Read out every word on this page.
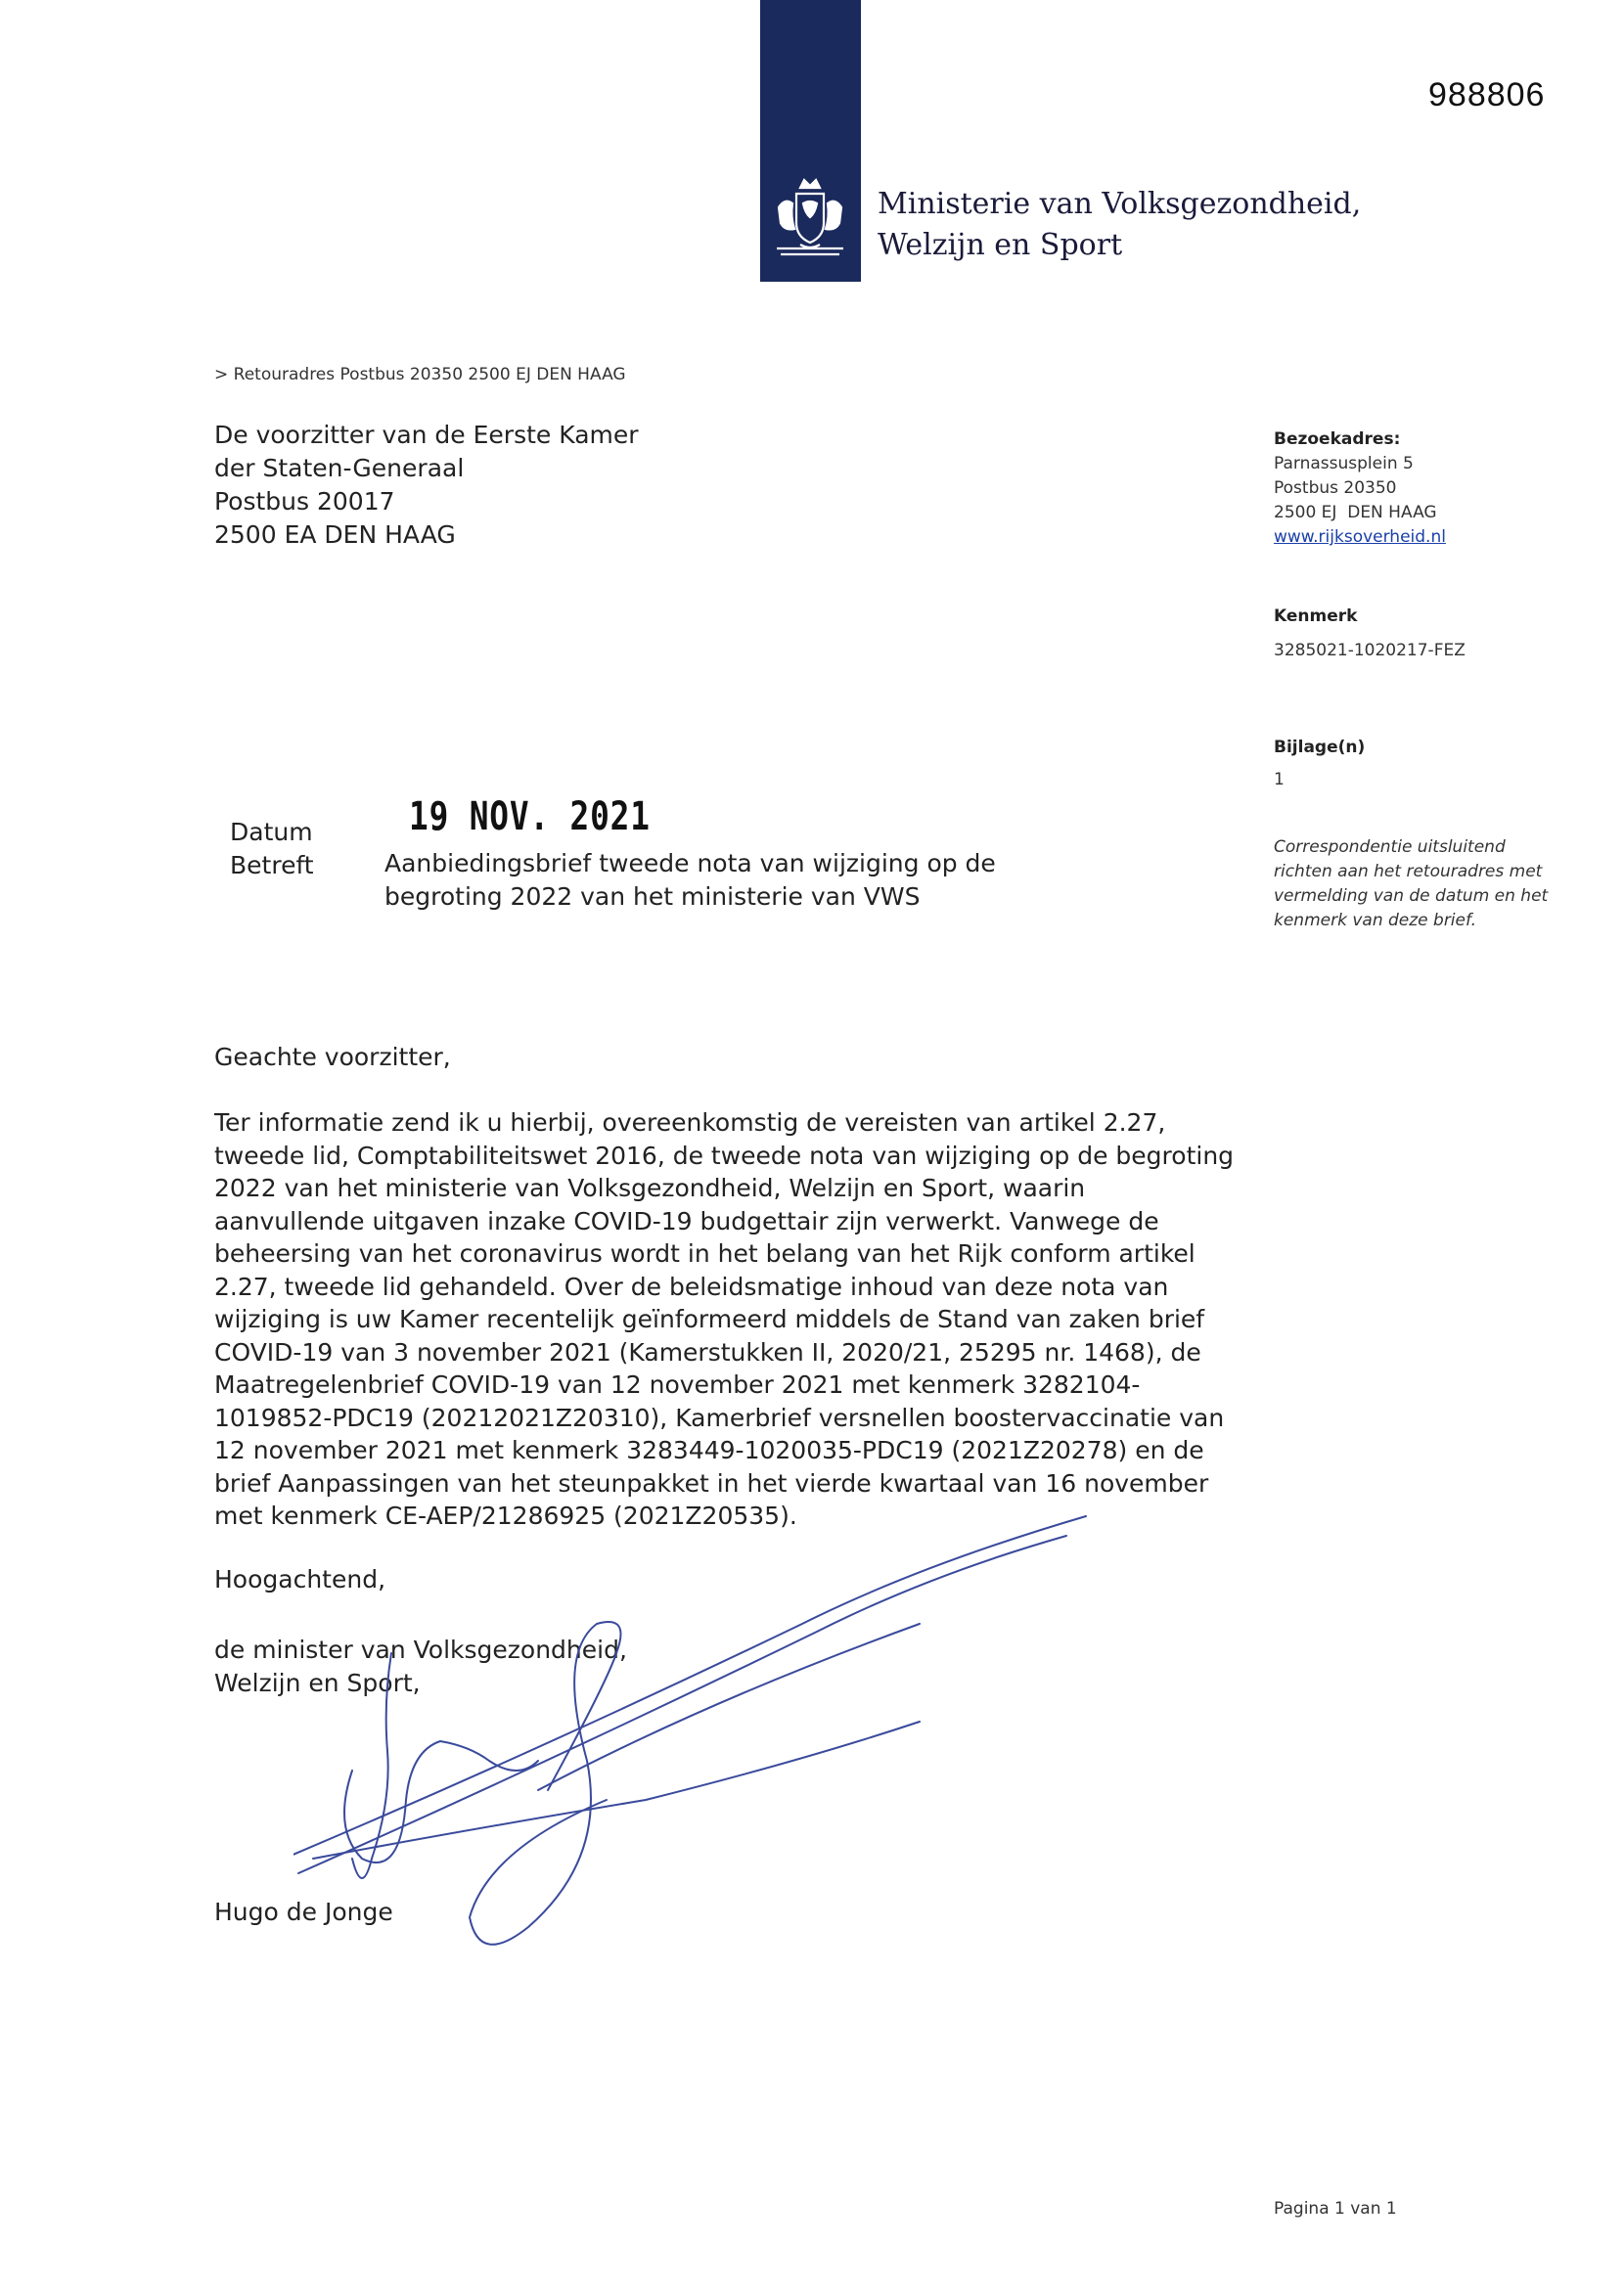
988806
Ministerie van Volksgezondheid,
Welzijn en Sport
> Retouradres Postbus 20350 2500 EJ DEN HAAG
De voorzitter van de Eerste Kamer
der Staten-Generaal
Postbus 20017
2500 EA DEN HAAG
Bezoekadres:
Parnassusplein 5
Postbus 20350
2500 EJ  DEN HAAG
www.rijksoverheid.nl
Kenmerk
3285021-1020217-FEZ
Bijlage(n)
1
Correspondentie uitsluitend richten aan het retouradres met vermelding van de datum en het kenmerk van deze brief.
Datum 19 NOV. 2021
Betreft	Aanbiedingsbrief tweede nota van wijziging op de
begroting 2022 van het ministerie van VWS
Geachte voorzitter,
Ter informatie zend ik u hierbij, overeenkomstig de vereisten van artikel 2.27,
tweede lid, Comptabiliteitswet 2016, de tweede nota van wijziging op de begroting
2022 van het ministerie van Volksgezondheid, Welzijn en Sport, waarin
aanvullende uitgaven inzake COVID-19 budgettair zijn verwerkt. Vanwege de
beheersing van het coronavirus wordt in het belang van het Rijk conform artikel
2.27, tweede lid gehandeld. Over de beleidsmatige inhoud van deze nota van
wijziging is uw Kamer recentelijk geïnformeerd middels de Stand van zaken brief
COVID-19 van 3 november 2021 (Kamerstukken II, 2020/21, 25295 nr. 1468), de
Maatregelenbrief COVID-19 van 12 november 2021 met kenmerk 3282104-
1019852-PDC19 (20212021Z20310), Kamerbrief versnellen boostervaccinatie van
12 november 2021 met kenmerk 3283449-1020035-PDC19 (2021Z20278) en de
brief Aanpassingen van het steunpakket in het vierde kwartaal van 16 november
met kenmerk CE-AEP/21286925 (2021Z20535).
Hoogachtend,
de minister van Volksgezondheid,
Welzijn en Sport,
Hugo de Jonge
Pagina 1 van 1
